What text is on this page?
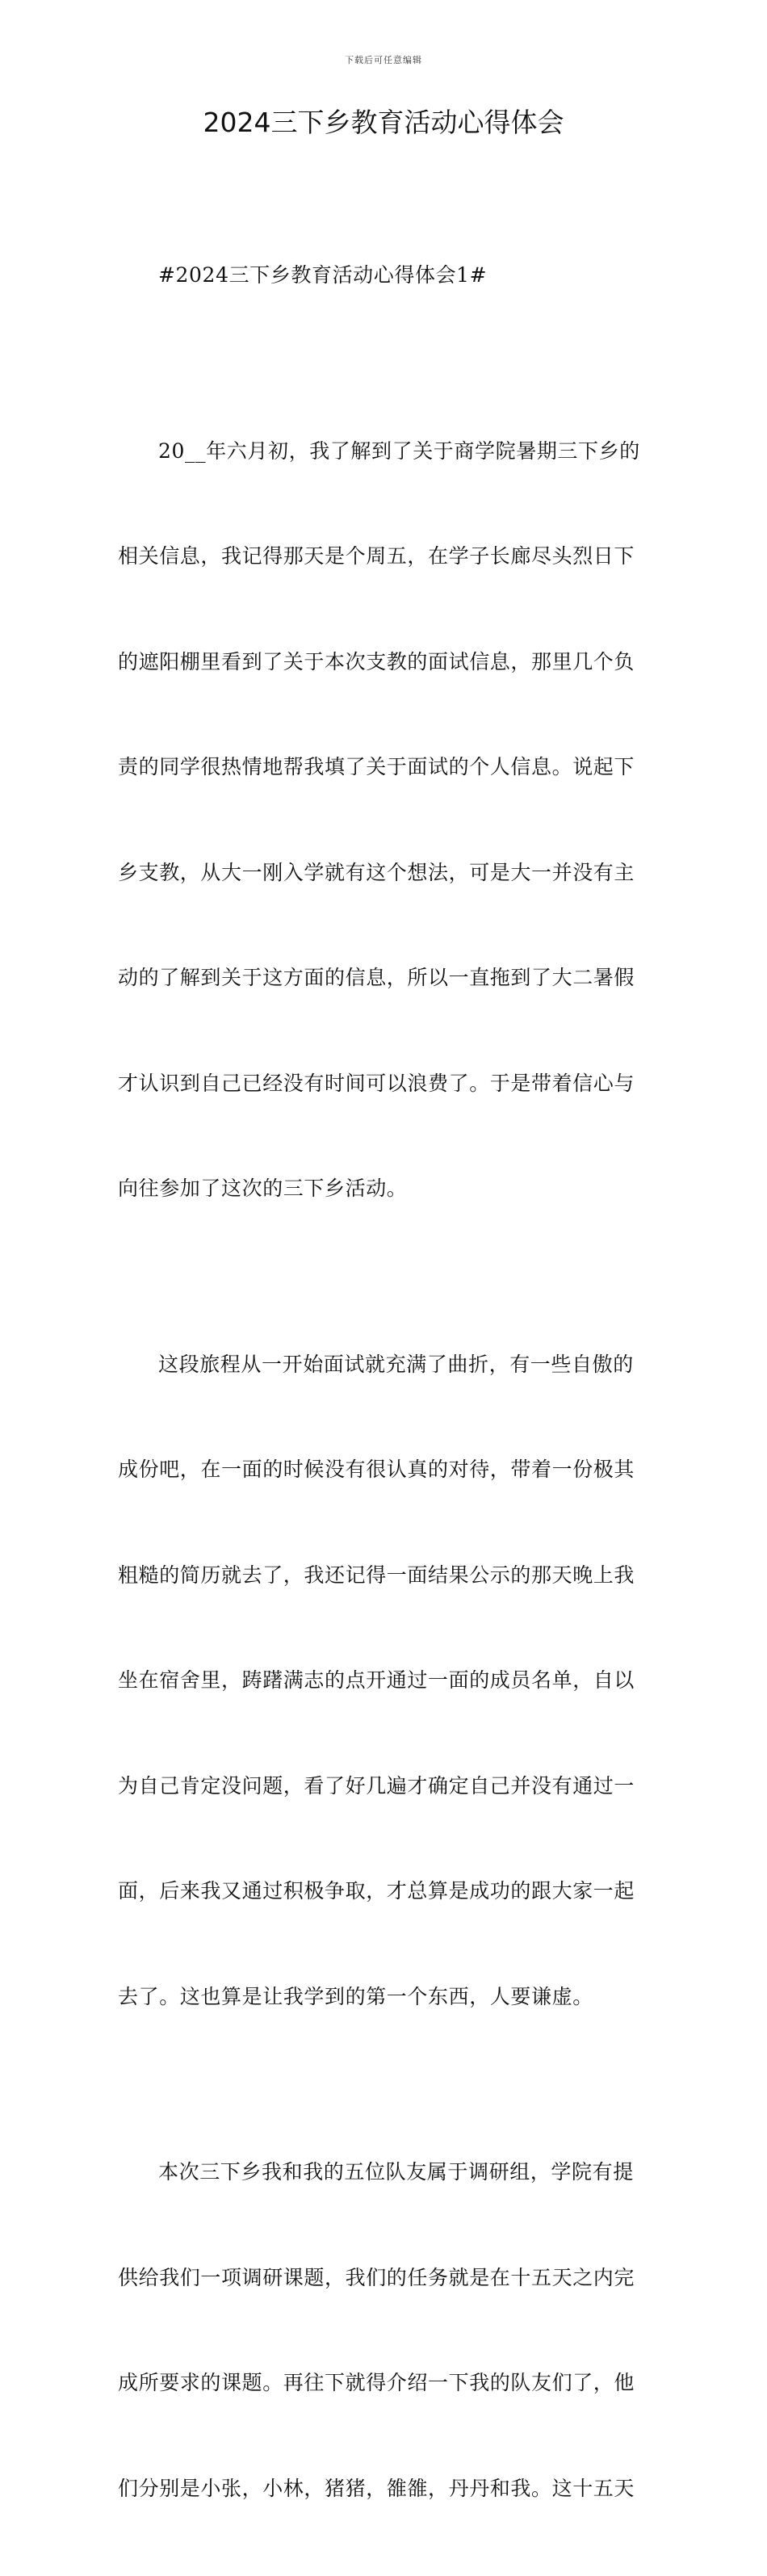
下载后可任意编辑
2024三下乡教育活动心得体会

#2024三下乡教育活动心得体会1#

20__年六月初，我了解到了关于商学院暑期三下乡的

相关信息，我记得那天是个周五，在学子长廊尽头烈日下

的遮阳棚里看到了关于本次支教的面试信息，那里几个负

责的同学很热情地帮我填了关于面试的个人信息。说起下

乡支教，从大一刚入学就有这个想法，可是大一并没有主

动的了解到关于这方面的信息，所以一直拖到了大二暑假

才认识到自己已经没有时间可以浪费了。于是带着信心与

向往参加了这次的三下乡活动。

这段旅程从一开始面试就充满了曲折，有一些自傲的

成份吧，在一面的时候没有很认真的对待，带着一份极其

粗糙的简历就去了，我还记得一面结果公示的那天晚上我

坐在宿舍里，踌躇满志的点开通过一面的成员名单，自以

为自己肯定没问题，看了好几遍才确定自己并没有通过一

面，后来我又通过积极争取，才总算是成功的跟大家一起

去了。这也算是让我学到的第一个东西，人要谦虚。

本次三下乡我和我的五位队友属于调研组，学院有提

供给我们一项调研课题，我们的任务就是在十五天之内完

成所要求的课题。再往下就得介绍一下我的队友们了，他

们分别是小张，小林，猪猪，雒雒，丹丹和我。这十五天
